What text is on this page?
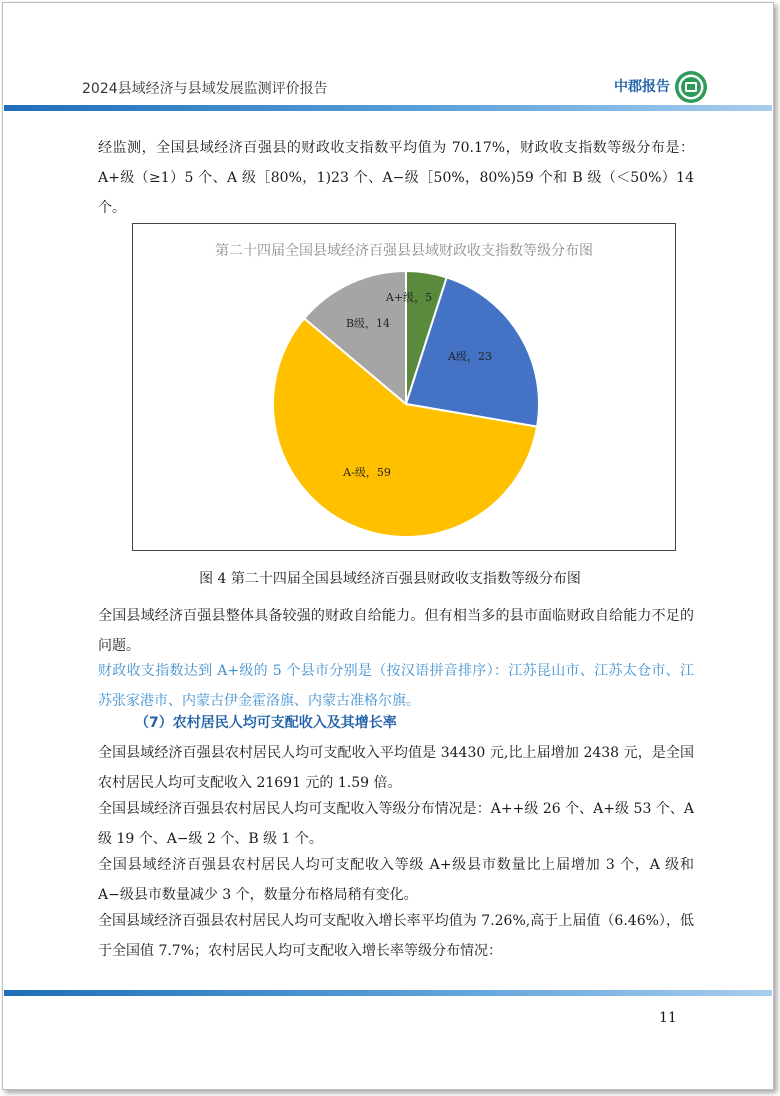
2024县域经济与县域发展监测评价报告	中郡报告

经监测，全国县域经济百强县的财政收支指数平均值为 70.17%，财政收支指数等级分布是：A+级（≥1）5 个、A 级［80%，1)23 个、A−级［50%，80%)59 个和 B 级（＜50%）14 个。

第二十四届全国县域经济百强县县域财政收支指数等级分布图
A+级，5
A级，23
A-级，59
B级，14
图 4 第二十四届全国县域经济百强县财政收支指数等级分布图

全国县域经济百强县整体具备较强的财政自给能力。但有相当多的县市面临财政自给能力不足的问题。

财政收支指数达到 A+级的 5 个县市分别是（按汉语拼音排序）：江苏昆山市、江苏太仓市、江苏张家港市、内蒙古伊金霍洛旗、内蒙古准格尔旗。

（7）农村居民人均可支配收入及其增长率

全国县域经济百强县农村居民人均可支配收入平均值是 34430 元,比上届增加 2438 元，是全国农村居民人均可支配收入 21691 元的 1.59 倍。

全国县域经济百强县农村居民人均可支配收入等级分布情况是：A++级 26 个、A+级 53 个、A 级 19 个、A−级 2 个、B 级 1 个。

全国县域经济百强县农村居民人均可支配收入等级 A+级县市数量比上届增加 3 个，A 级和 A−级县市数量减少 3 个，数量分布格局稍有变化。

全国县域经济百强县农村居民人均可支配收入增长率平均值为 7.26%,高于上届值（6.46%），低于全国值 7.7%；农村居民人均可支配收入增长率等级分布情况：

11
